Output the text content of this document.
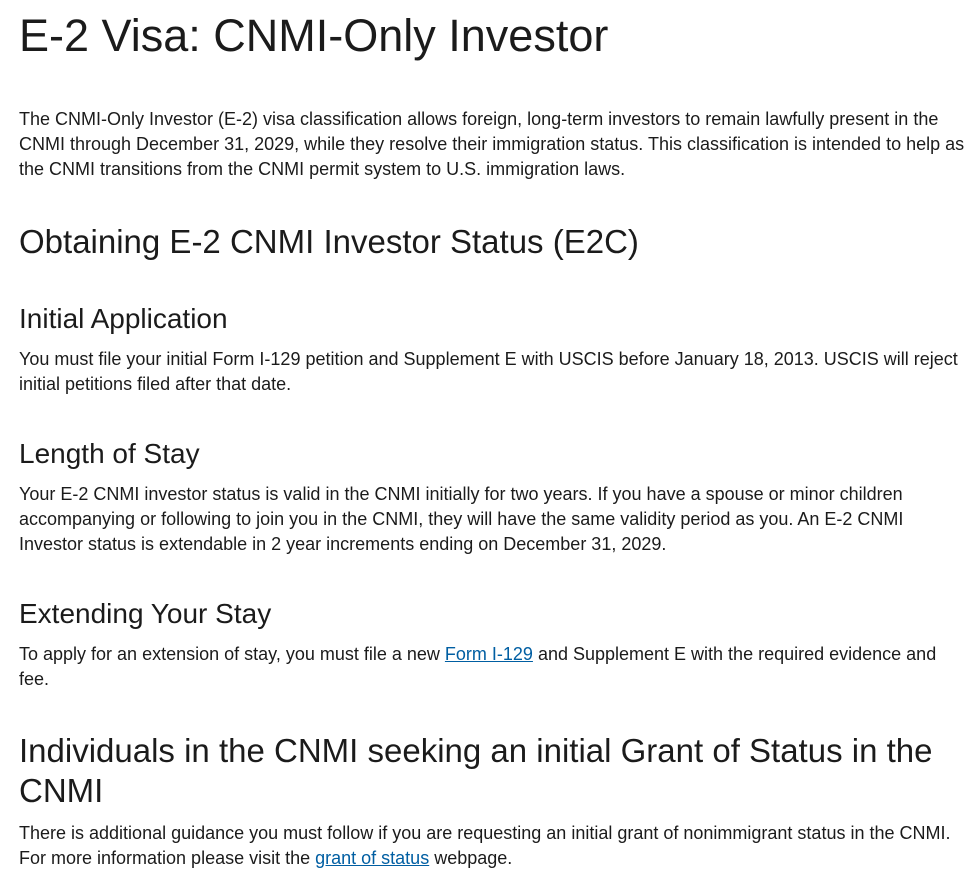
E-2 Visa: CNMI-Only Investor

The CNMI-Only Investor (E-2) visa classification allows foreign, long-term investors to remain lawfully present in the CNMI through December 31, 2029, while they resolve their immigration status. This classification is intended to help as the CNMI transitions from the CNMI permit system to U.S. immigration laws.

Obtaining E-2 CNMI Investor Status (E2C)
Initial Application

You must file your initial Form I-129 petition and Supplement E with USCIS before January 18, 2013. USCIS will reject initial petitions filed after that date.

Length of Stay

Your E-2 CNMI investor status is valid in the CNMI initially for two years. If you have a spouse or minor children accompanying or following to join you in the CNMI, they will have the same validity period as you. An E-2 CNMI Investor status is extendable in 2 year increments ending on December 31, 2029.

Extending Your Stay

To apply for an extension of stay, you must file a new Form I-129 and Supplement E with the required evidence and fee.

Individuals in the CNMI seeking an initial Grant of Status in the CNMI

There is additional guidance you must follow if you are requesting an initial grant of nonimmigrant status in the CNMI. For more information please visit the grant of status webpage.
